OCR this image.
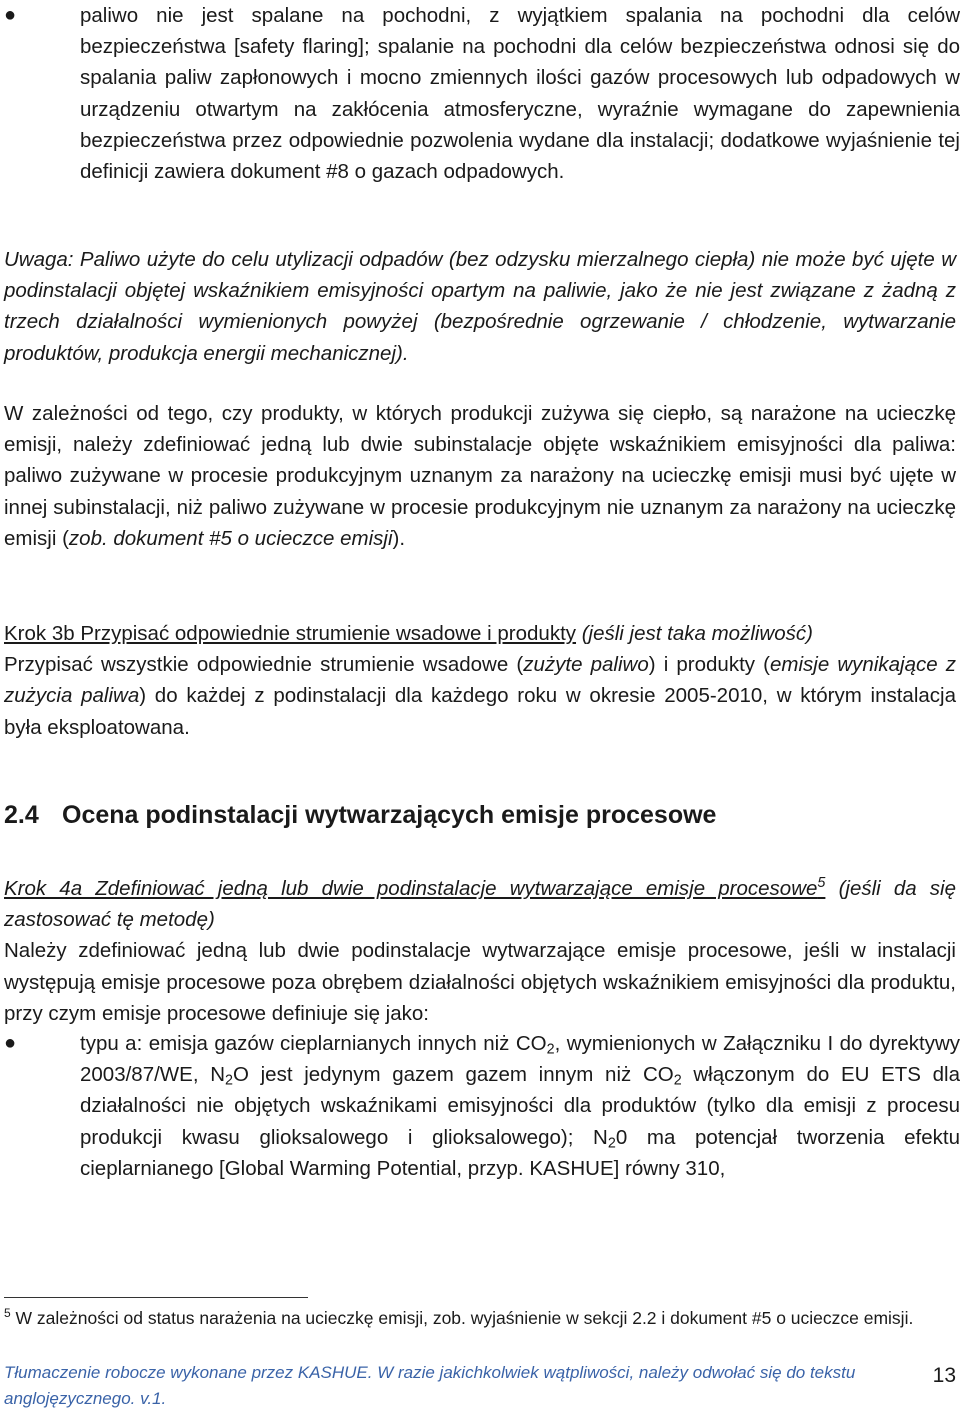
●	paliwo nie jest spalane na pochodni, z wyjątkiem spalania na pochodni dla celów bezpieczeństwa [safety flaring]; spalanie na pochodni dla celów bezpieczeństwa odnosi się do spalania paliw zapłonowych i mocno zmiennych ilości gazów procesowych lub odpadowych w urządzeniu otwartym na zakłócenia atmosferyczne, wyraźnie wymagane do zapewnienia bezpieczeństwa przez odpowiednie pozwolenia wydane dla instalacji; dodatkowe wyjaśnienie tej definicji zawiera dokument #8 o gazach odpadowych.

Uwaga: Paliwo użyte do celu utylizacji odpadów (bez odzysku mierzalnego ciepła) nie może być ujęte w podinstalacji objętej wskaźnikiem emisyjności opartym na paliwie, jako że nie jest związane z żadną z trzech działalności wymienionych powyżej (bezpośrednie ogrzewanie / chłodzenie, wytwarzanie produktów, produkcja energii mechanicznej).

W zależności od tego, czy produkty, w których produkcji zużywa się ciepło, są narażone na ucieczkę emisji, należy zdefiniować jedną lub dwie subinstalacje objęte wskaźnikiem emisyjności dla paliwa: paliwo zużywane w procesie produkcyjnym uznanym za narażony na ucieczkę emisji musi być ujęte w innej subinstalacji, niż paliwo zużywane w procesie produkcyjnym nie uznanym za narażony na ucieczkę emisji (zob. dokument #5 o ucieczce emisji).

Krok 3b Przypisać odpowiednie strumienie wsadowe i produkty (jeśli jest taka możliwość)

Przypisać wszystkie odpowiednie strumienie wsadowe (zużyte paliwo) i produkty (emisje wynikające z zużycia paliwa) do każdej z podinstalacji dla każdego roku w okresie 2005-2010, w którym instalacja była eksploatowana.

2.4 Ocena podinstalacji wytwarzających emisje procesowe

Krok 4a Zdefiniować jedną lub dwie podinstalacje wytwarzające emisje procesowe$^5$ (jeśli da się zastosować tę metodę)

Należy zdefiniować jedną lub dwie podinstalacje wytwarzające emisje procesowe, jeśli w instalacji występują emisje procesowe poza obrębem działalności objętych wskaźnikiem emisyjności dla produktu, przy czym emisje procesowe definiuje się jako:

●	typu a: emisja gazów cieplarnianych innych niż $CO_2$, wymienionych w Załączniku I do dyrektywy 2003/87/WE, $N_2O$ jest jedynym gazem gazem innym niż $CO_2$ włączonym do EU ETS dla działalności nie objętych wskaźnikami emisyjności dla produktów (tylko dla emisji z procesu produkcji kwasu glioksalowego i glioksalowego); $N_20$ ma potencjał tworzenia efektu cieplarnianego [Global Warming Potential, przyp. KASHUE] równy 310,

$^5$ W zależności od status narażenia na ucieczkę emisji, zob. wyjaśnienie w sekcji 2.2 i dokument #5 o ucieczce emisji.

Tłumaczenie robocze wykonane przez KASHUE. W razie jakichkolwiek wątpliwości, należy odwołać się do tekstu anglojęzycznego. v.1.

13
